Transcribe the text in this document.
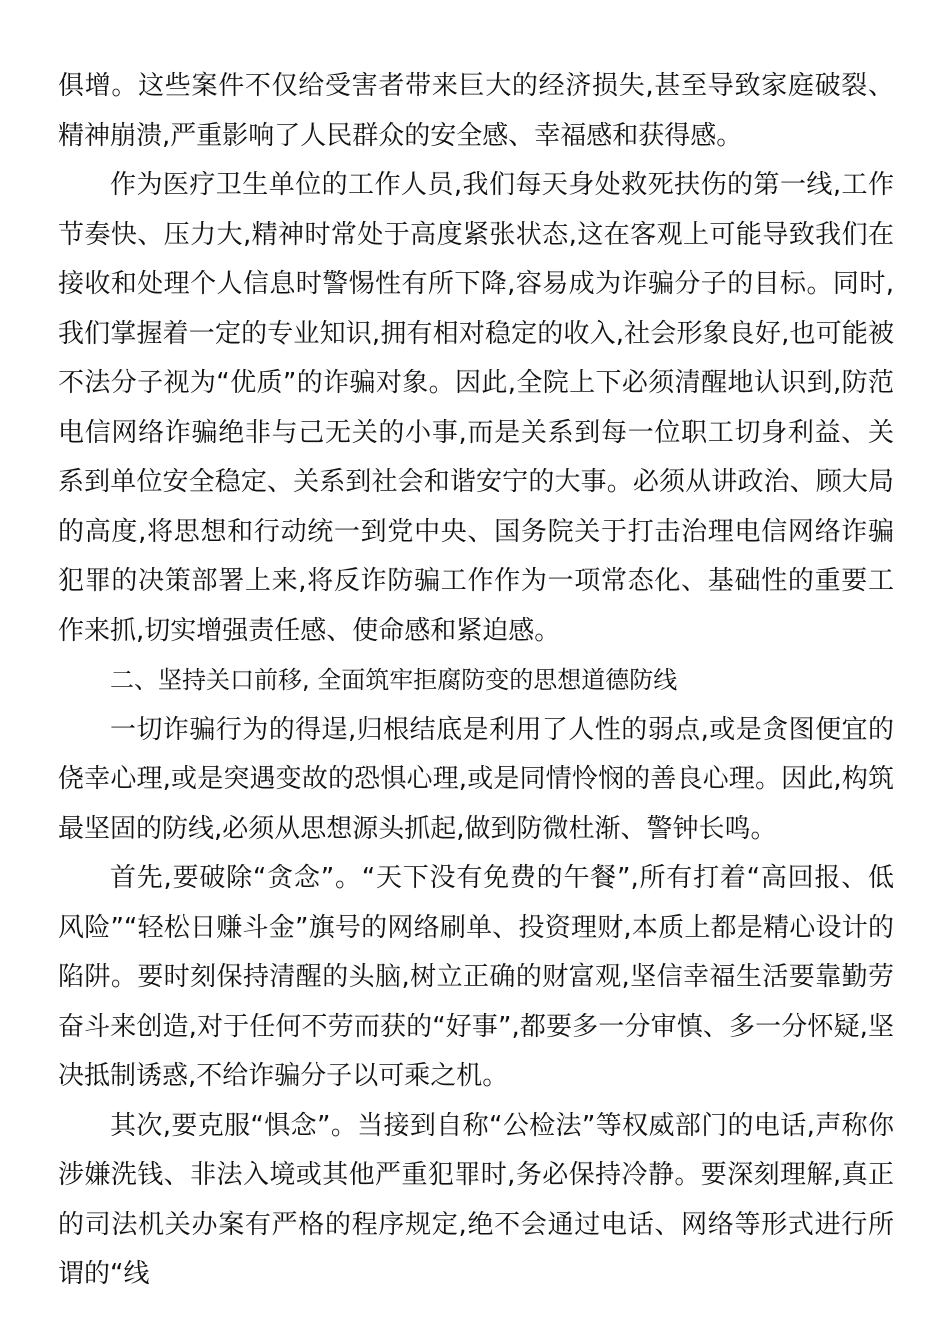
俱增。这些案件不仅给受害者带来巨大的经济损失,甚至导致家庭破裂、精神崩溃,严重影响了人民群众的安全感、幸福感和获得感。

作为医疗卫生单位的工作人员,我们每天身处救死扶伤的第一线,工作节奏快、压力大,精神时常处于高度紧张状态,这在客观上可能导致我们在接收和处理个人信息时警惕性有所下降,容易成为诈骗分子的目标。同时,我们掌握着一定的专业知识,拥有相对稳定的收入,社会形象良好,也可能被不法分子视为“优质”的诈骗对象。因此,全院上下必须清醒地认识到,防范电信网络诈骗绝非与己无关的小事,而是关系到每一位职工切身利益、关系到单位安全稳定、关系到社会和谐安宁的大事。必须从讲政治、顾大局的高度,将思想和行动统一到党中央、国务院关于打击治理电信网络诈骗犯罪的决策部署上来,将反诈防骗工作作为一项常态化、基础性的重要工作来抓,切实增强责任感、使命感和紧迫感。

二、坚持关口前移, 全面筑牢拒腐防变的思想道德防线

一切诈骗行为的得逞,归根结底是利用了人性的弱点,或是贪图便宜的侥幸心理,或是突遇变故的恐惧心理,或是同情怜悯的善良心理。因此,构筑最坚固的防线,必须从思想源头抓起,做到防微杜渐、警钟长鸣。

首先,要破除“贪念”。“天下没有免费的午餐”,所有打着“高回报、低风险”“轻松日赚斗金”旗号的网络刷单、投资理财,本质上都是精心设计的陷阱。要时刻保持清醒的头脑,树立正确的财富观,坚信幸福生活要靠勤劳奋斗来创造,对于任何不劳而获的“好事”,都要多一分审慎、多一分怀疑,坚决抵制诱惑,不给诈骗分子以可乘之机。

其次,要克服“惧念”。当接到自称“公检法”等权威部门的电话,声称你涉嫌洗钱、非法入境或其他严重犯罪时,务必保持冷静。要深刻理解,真正的司法机关办案有严格的程序规定,绝不会通过电话、网络等形式进行所谓的“线
